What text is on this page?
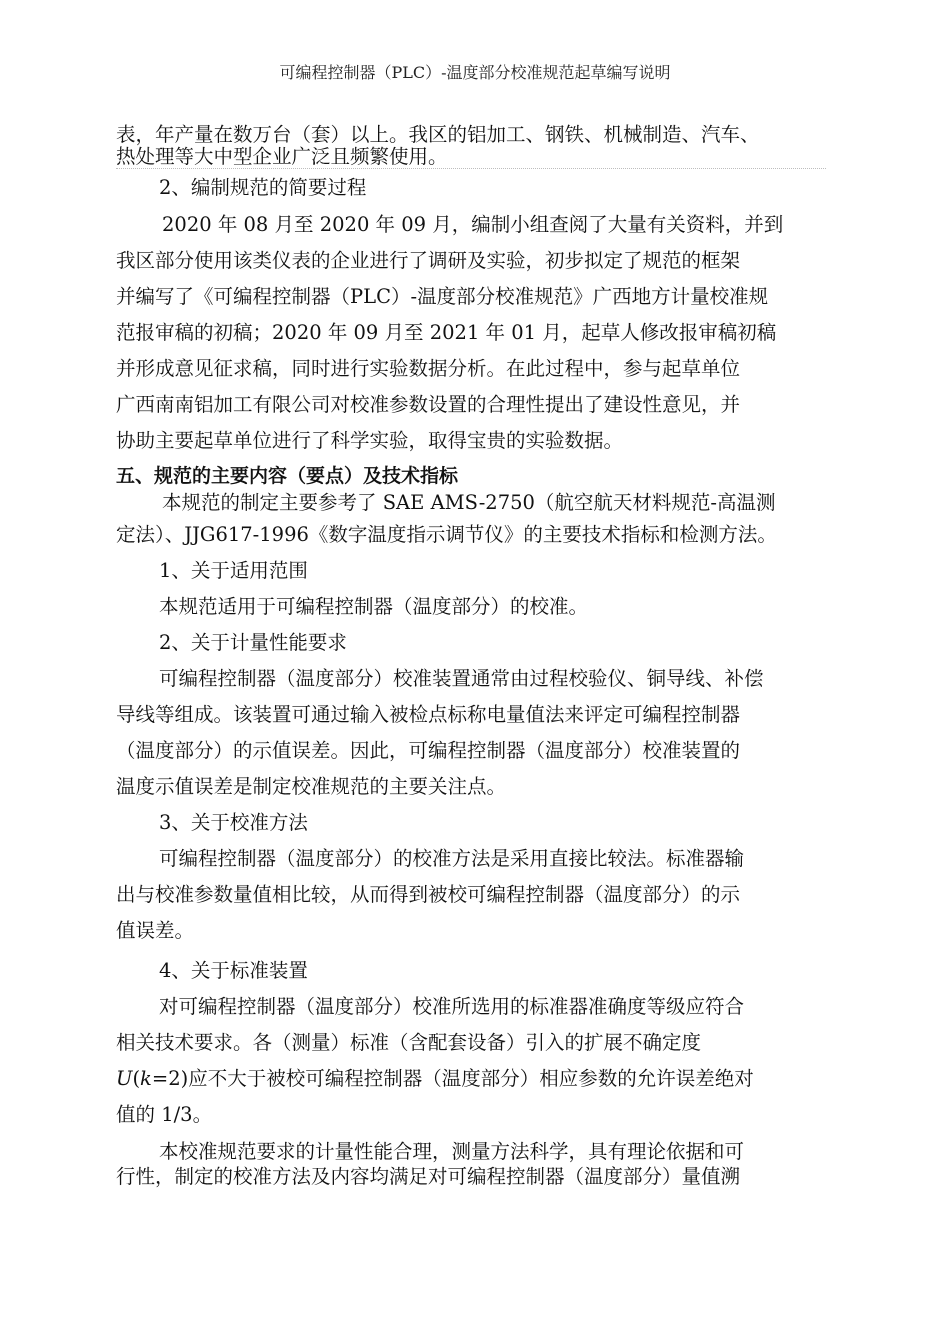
可编程控制器（PLC）-温度部分校准规范起草编写说明
表，年产量在数万台（套）以上。我区的铝加工、钢铁、机械制造、汽车、
热处理等大中型企业广泛且频繁使用。
2、编制规范的简要过程
2020 年 08 月至 2020 年 09 月，编制小组查阅了大量有关资料，并到
我区部分使用该类仪表的企业进行了调研及实验，初步拟定了规范的框架
并编写了《可编程控制器（PLC）-温度部分校准规范》广西地方计量校准规
范报审稿的初稿；2020 年 09 月至 2021 年 01 月，起草人修改报审稿初稿
并形成意见征求稿，同时进行实验数据分析。在此过程中，参与起草单位
广西南南铝加工有限公司对校准参数设置的合理性提出了建设性意见，并
协助主要起草单位进行了科学实验，取得宝贵的实验数据。
五、规范的主要内容（要点）及技术指标
本规范的制定主要参考了 SAE AMS-2750（航空航天材料规范-高温测
定法）、JJG617-1996《数字温度指示调节仪》的主要技术指标和检测方法。
1、关于适用范围
本规范适用于可编程控制器（温度部分）的校准。
2、关于计量性能要求
可编程控制器（温度部分）校准装置通常由过程校验仪、铜导线、补偿
导线等组成。该装置可通过输入被检点标称电量值法来评定可编程控制器
（温度部分）的示值误差。因此，可编程控制器（温度部分）校准装置的
温度示值误差是制定校准规范的主要关注点。
3、关于校准方法
可编程控制器（温度部分）的校准方法是采用直接比较法。标准器输
出与校准参数量值相比较，从而得到被校可编程控制器（温度部分）的示
值误差。
4、关于标准装置
对可编程控制器（温度部分）校准所选用的标准器准确度等级应符合
相关技术要求。各（测量）标准（含配套设备）引入的扩展不确定度
U(k=2)应不大于被校可编程控制器（温度部分）相应参数的允许误差绝对
值的 1/3。
本校准规范要求的计量性能合理，测量方法科学，具有理论依据和可
行性，制定的校准方法及内容均满足对可编程控制器（温度部分）量值溯
